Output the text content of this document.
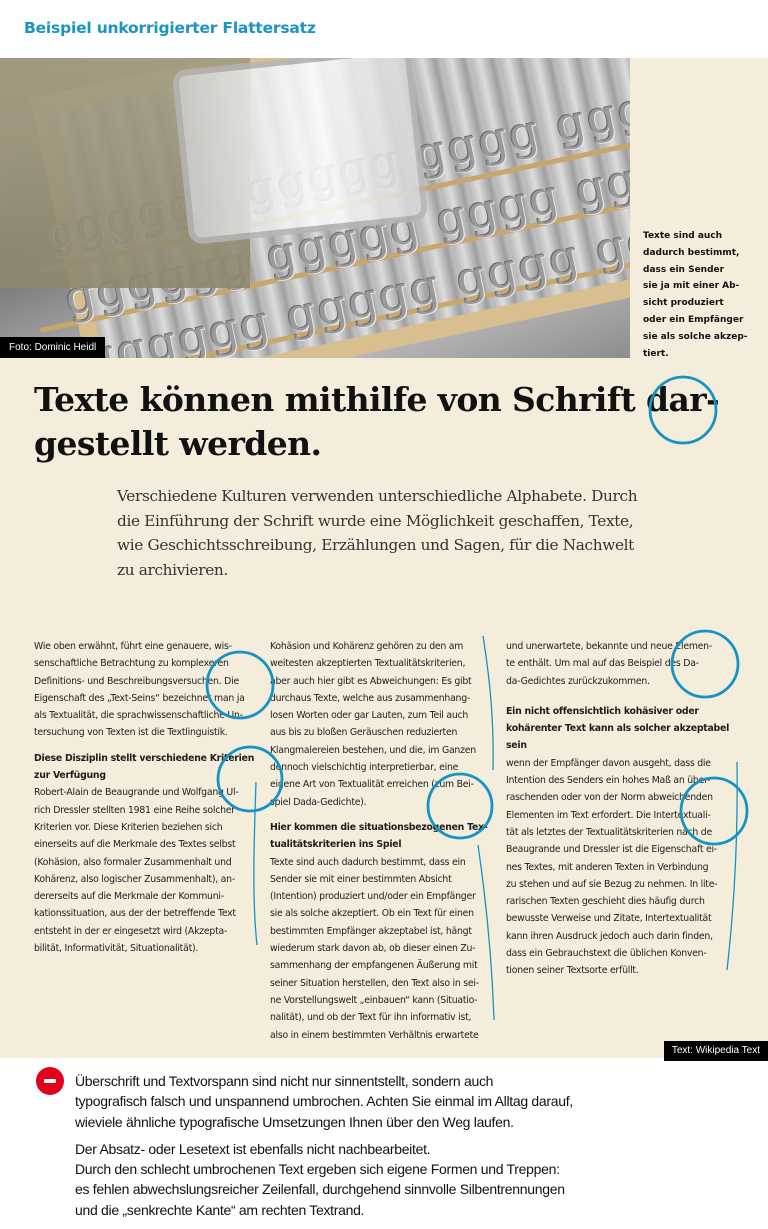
Beispiel unkorrigierter Flattersatz
gggg gggggg
ggggg gggg gggggg
Foto: Dominic Heidl
Texte sind auch
dadurch bestimmt,
dass ein Sender
sie ja mit einer Ab-
sicht produziert
oder ein Empfänger
sie als solche akzep-
tiert.
Texte können mithilfe von Schrift dar-
gestellt werden.
Verschiedene Kulturen verwenden unterschiedliche Alphabete. Durch
die Einführung der Schrift wurde eine Möglichkeit geschaffen, Texte,
wie Geschichtsschreibung, Erzählungen und Sagen, für die Nachwelt
zu archivieren.
Wie oben erwähnt, führt eine genauere, wis-
senschaftliche Betrachtung zu komplexeren
Definitions- und Beschreibungsversuchen. Die
Eigenschaft des „Text-Seins“ bezeichnet man ja
als Textualität, die sprachwissenschaftliche Un-
tersuchung von Texten ist die Textlinguistik.
Diese Disziplin stellt verschiedene Kriterien
zur Verfügung
Robert-Alain de Beaugrande und Wolfgang Ul-
rich Dressler stellten 1981 eine Reihe solcher
Kriterien vor. Diese Kriterien beziehen sich
einerseits auf die Merkmale des Textes selbst
(Kohäsion, also formaler Zusammenhalt und
Kohärenz, also logischer Zusammenhalt), an-
dererseits auf die Merkmale der Kommuni-
kationssituation, aus der der betreffende Text
entsteht in der er eingesetzt wird (Akzepta-
bilität, Informativität, Situationalität).
Kohäsion und Kohärenz gehören zu den am
weitesten akzeptierten Textualitätskriterien,
aber auch hier gibt es Abweichungen: Es gibt
durchaus Texte, welche aus zusammenhang-
losen Worten oder gar Lauten, zum Teil auch
aus bis zu bloßen Geräuschen reduzierten
Klangmalereien bestehen, und die, im Ganzen
dennoch vielschichtig interpretierbar, eine
eigene Art von Textualität erreichen (zum Bei-
spiel Dada-Gedichte).
Hier kommen die situationsbezogenen Tex-
tualitätskriterien ins Spiel
Texte sind auch dadurch bestimmt, dass ein
Sender sie mit einer bestimmten Absicht
(Intention) produziert und/oder ein Empfänger
sie als solche akzeptiert. Ob ein Text für einen
bestimmten Empfänger akzeptabel ist, hängt
wiederum stark davon ab, ob dieser einen Zu-
sammenhang der empfangenen Äußerung mit
seiner Situation herstellen, den Text also in sei-
ne Vorstellungswelt „einbauen“ kann (Situatio-
nalität), und ob der Text für ihn informativ ist,
also in einem bestimmten Verhältnis erwartete
und unerwartete, bekannte und neue Elemen-
te enthält. Um mal auf das Beispiel des Da-
da-Gedichtes zurückzukommen.
Ein nicht offensichtlich kohäsiver oder
kohärenter Text kann als solcher akzeptabel
sein
wenn der Empfänger davon ausgeht, dass die
Intention des Senders ein hohes Maß an über-
raschenden oder von der Norm abweichenden
Elementen im Text erfordert. Die Intertextuali-
tät als letztes der Textualitätskriterien nach de
Beaugrande und Dressler ist die Eigenschaft ei-
nes Textes, mit anderen Texten in Verbindung
zu stehen und auf sie Bezug zu nehmen. In lite-
rarischen Texten geschieht dies häufig durch
bewusste Verweise und Zitate, Intertextualität
kann ihren Ausdruck jedoch auch darin finden,
dass ein Gebrauchstext die üblichen Konven-
tionen seiner Textsorte erfüllt.
Text: Wikipedia Text
Überschrift und Textvorspann sind nicht nur sinnentstellt, sondern auch
typografisch falsch und unspannend umbrochen. Achten Sie einmal im Alltag darauf,
wieviele ähnliche typografische Umsetzungen Ihnen über den Weg laufen.
Der Absatz- oder Lesetext ist ebenfalls nicht nachbearbeitet.
Durch den schlecht umbrochenen Text ergeben sich eigene Formen und Treppen:
es fehlen abwechslungsreicher Zeilenfall, durchgehend sinnvolle Silbentrennungen
und die „senkrechte Kante“ am rechten Textrand.
